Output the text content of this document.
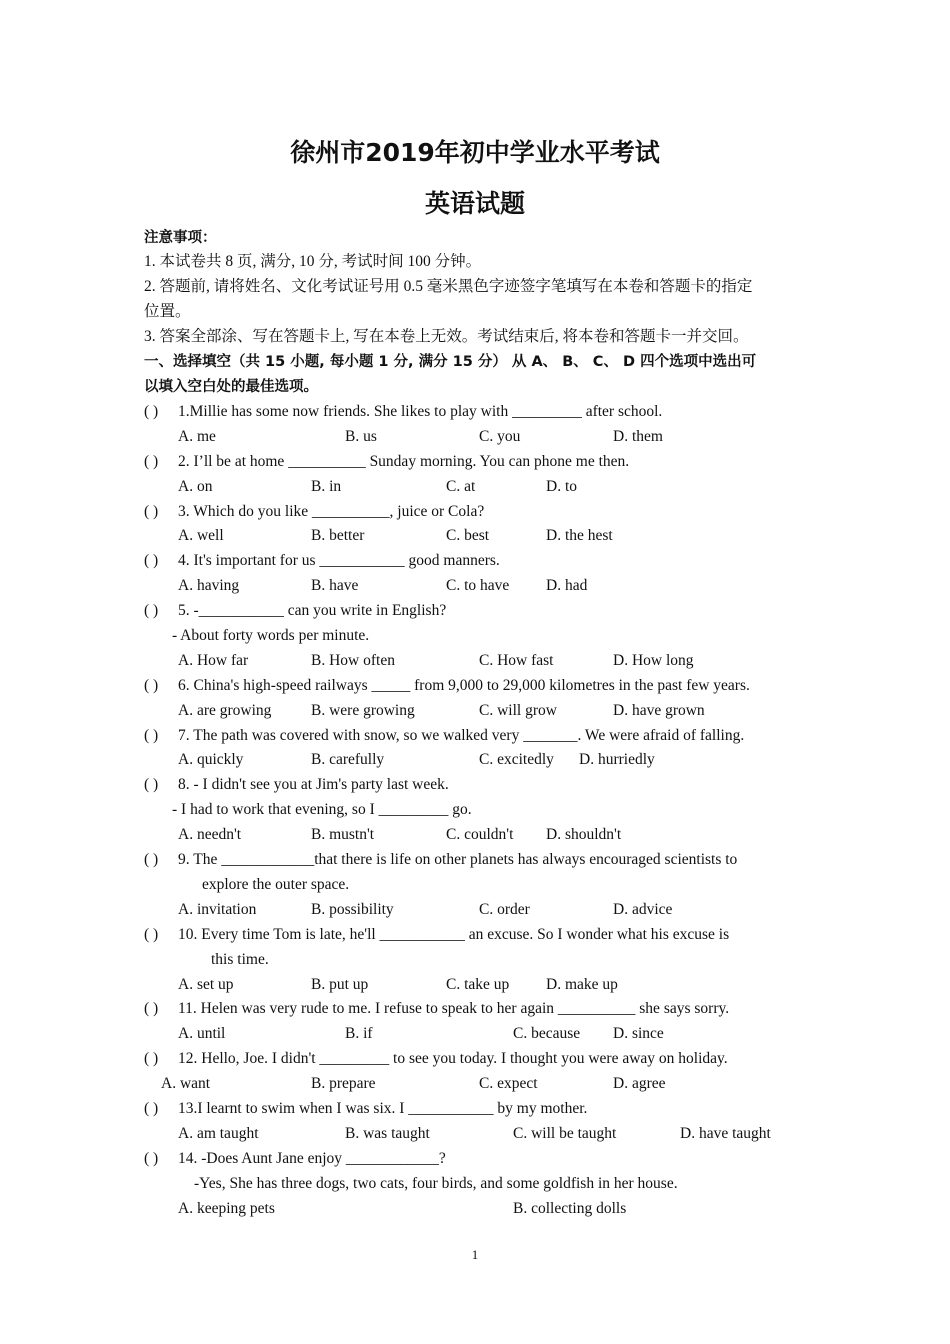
徐州市2019年初中学业水平考试
英语试题
注意事项：
1. 本试卷共 8 页, 满分, 10 分, 考试时间 100 分钟。
2. 答题前, 请将姓名、文化考试证号用 0.5 毫米黑色字迹签字笔填写在本卷和答题卡的指定
位置。
3. 答案全部涂、写在答题卡上, 写在本卷上无效。考试结束后, 将本卷和答题卡一并交回。
一、选择填空（共 15 小题, 每小题 1 分, 满分 15 分） 从 A、 B、 C、 D 四个选项中选出可
以填入空白处的最佳选项。
( ) 1.Millie has some now friends. She likes to play with _________ after school.
A. me	B. us	C. you	D. them
( ) 2. I’ll be at home __________ Sunday morning. You can phone me then.
A. on	B. in	C. at	D. to
( ) 3. Which do you like __________, juice or Cola?
A. well	B. better	C. best	D. the hest
( ) 4. It's important for us ___________ good manners.
A. having	B. have	C. to have D. had
( ) 5. -___________ can you write in English?
- About forty words per minute.
A. How far	B. How often	C. How fast	D. How long
( ) 6. China's high-speed railways _____ from 9,000 to 29,000 kilometres in the past few years.
A. are growing	B. were growing	C. will grow	D. have grown
( ) 7. The path was covered with snow, so we walked very _______. We were afraid of falling.
A. quickly	B. carefully	C. excitedly D. hurriedly
( ) 8. - I didn't see you at Jim's party last week.
- I had to work that evening, so I _________ go.
A. needn't	B. mustn't	C. couldn't D. shouldn't
( ) 9. The ____________that there is life on other planets has always encouraged scientists to
explore the outer space.
A. invitation	B. possibility	C. order	D. advice
( ) 10. Every time Tom is late, he'll ___________ an excuse. So I wonder what his excuse is
this time.
A. set up	B. put up	C. take up D. make up
( ) 11. Helen was very rude to me. I refuse to speak to her again __________ she says sorry.
A. until	B. if	C. because D. since
( ) 12. Hello, Joe. I didn't _________ to see you today. I thought you were away on holiday.
A. want	B. prepare	C. expect	D. agree
( ) 13.I learnt to swim when I was six. I ___________ by my mother.
A. am taught	B. was taught	C. will be taught	D. have taught
( ) 14. -Does Aunt Jane enjoy ____________?
-Yes, She has three dogs, two cats, four birds, and some goldfish in her house.
A. keeping pets	B. collecting dolls
1
